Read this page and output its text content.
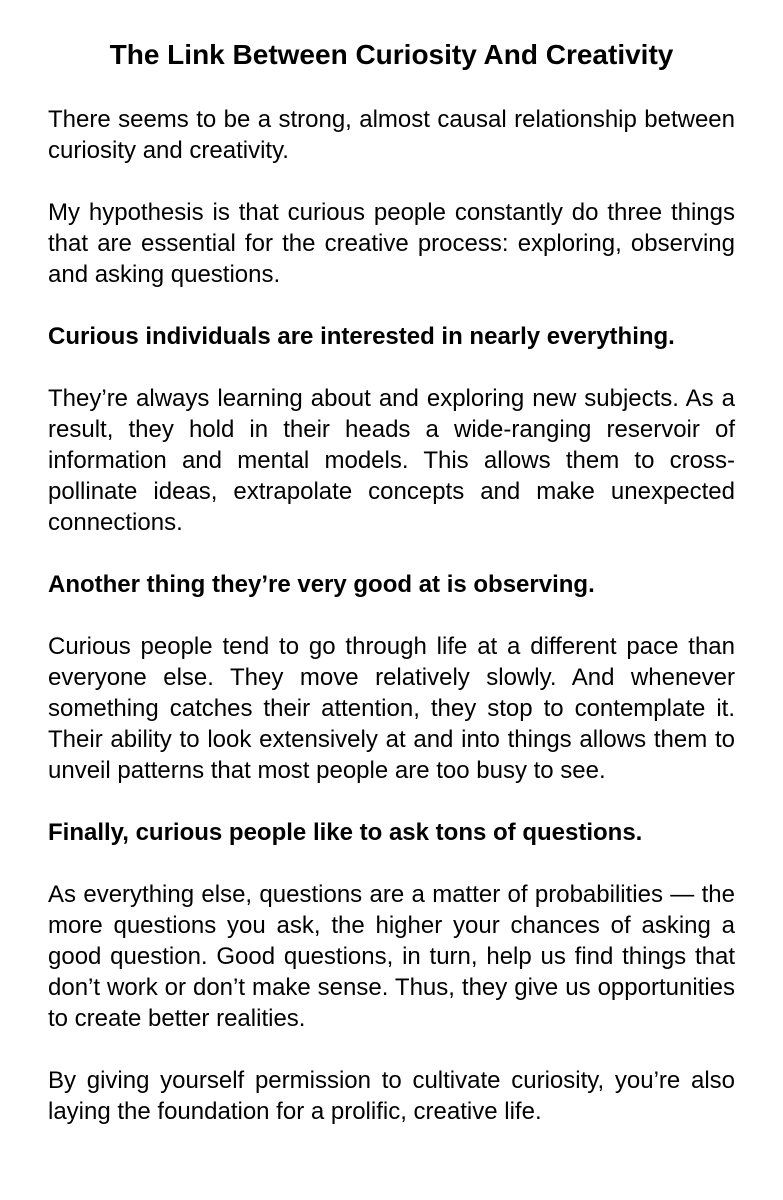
The Link Between Curiosity And Creativity

There seems to be a strong, almost causal relationship between curiosity and creativity.

My hypothesis is that curious people constantly do three things that are essential for the creative process: exploring, observing and asking questions.

Curious individuals are interested in nearly everything.

They’re always learning about and exploring new subjects. As a result, they hold in their heads a wide-ranging reservoir of information and mental models. This allows them to cross-pollinate ideas, extrapolate concepts and make unexpected connections.

Another thing they’re very good at is observing.

Curious people tend to go through life at a different pace than everyone else. They move relatively slowly. And whenever something catches their attention, they stop to contemplate it. Their ability to look extensively at and into things allows them to unveil patterns that most people are too busy to see.

Finally, curious people like to ask tons of questions.

As everything else, questions are a matter of probabilities — the more questions you ask, the higher your chances of asking a good question. Good questions, in turn, help us find things that don’t work or don’t make sense. Thus, they give us opportunities to create better realities.

By giving yourself permission to cultivate curiosity, you’re also laying the foundation for a prolific, creative life.
